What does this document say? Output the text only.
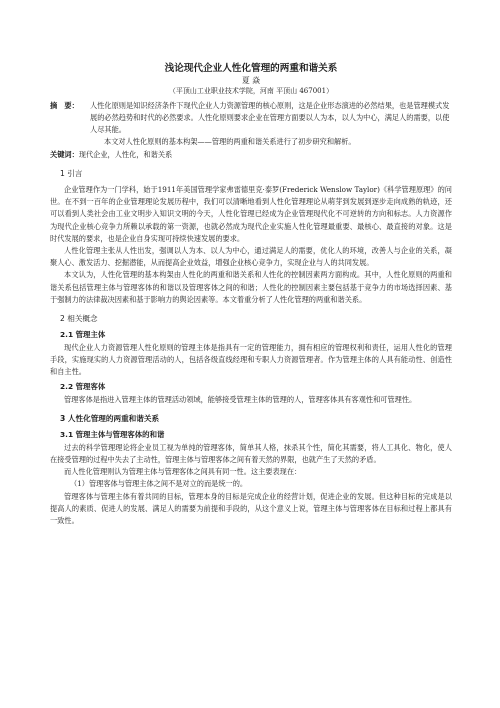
浅论现代企业人性化管理的两重和谐关系

夏 焱

（平顶山工业职业技术学院，河南 平顶山 467001）

摘　要：	人性化原则是知识经济条件下现代企业人力资源管理的核心原则，这是企业形态演进的必然结果，也是管理模式发展的必然趋势和时代的必然要求。人性化原则要求企业在管理方面要以人为本，以人为中心，满足人的需要，以使人尽其能。

本文对人性化原则的基本构架——管理的两重和谐关系进行了初步研究和解析。

关键词：现代企业，人性化，和谐关系
1 引言

企业管理作为一门学科，始于1911年美国管理学家弗雷德里克·泰罗(Frederick Wenslow Taylor)《科学管理原理》的问世。在不到一百年的企业管理理论发展历程中，我们可以清晰地看到人性化管理理论从萌芽到发展到逐步走向成熟的轨迹，还可以看到人类社会由工业文明步入知识文明的今天，人性化管理已经成为企业管理现代化不可逆转的方向和标志。人力资源作为现代企业核心竞争力所赖以承载的第一资源，也就必然成为现代企业实施人性化管理最重要、最核心、最直接的对象。这是时代发展的要求，也是企业自身实现可持续快速发展的要求。

人性化管理主张从人性出发，强调以人为本、以人为中心，通过满足人的需要，优化人的环境，改善人与企业的关系，凝聚人心、激发活力、挖掘潜能，从而提高企业效益，增强企业核心竞争力，实现企业与人的共同发展。

本文认为，人性化管理的基本构架由人性化的两重和谐关系和人性化的控制因素两方面构成。其中，人性化原则的两重和谐关系包括管理主体与管理客体的和谐以及管理客体之间的和谐；人性化的控制因素主要包括基于竞争力的市场选择因素、基于强制力的法律裁决因素和基于影响力的舆论因素等。本文着重分析了人性化管理的两重和谐关系。

2 相关概念
2.1 管理主体

现代企业人力资源管理人性化原则的管理主体是指具有一定的管理能力，拥有相应的管理权利和责任，运用人性化的管理手段，实施现实的人力资源管理活动的人，包括各级直线经理和专职人力资源管理者。作为管理主体的人具有能动性、创造性和自主性。

2.2 管理客体

管理客体是指进入管理主体的管理活动领域，能够接受管理主体的管理的人，管理客体具有客观性和可管理性。

3 人性化管理的两重和谐关系
3.1 管理主体与管理客体的和谐

过去的科学管理理论将企业员工视为单纯的管理客体，简单其人格，抹杀其个性，简化其需要，将人工具化、物化，使人在接受管理的过程中失去了主动性，管理主体与管理客体之间有着天然的界限，也就产生了天然的矛盾。

而人性化管理则认为管理主体与管理客体之间具有同一性。这主要表现在：

（1）管理客体与管理主体之间不是对立的而是统一的。

管理客体与管理主体有着共同的目标，管理本身的目标是完成企业的经营计划，促进企业的发展。但这种目标的完成是以提高人的素质、促进人的发展、满足人的需要为前提和手段的，从这个意义上说，管理主体与管理客体在目标和过程上都具有一致性。
